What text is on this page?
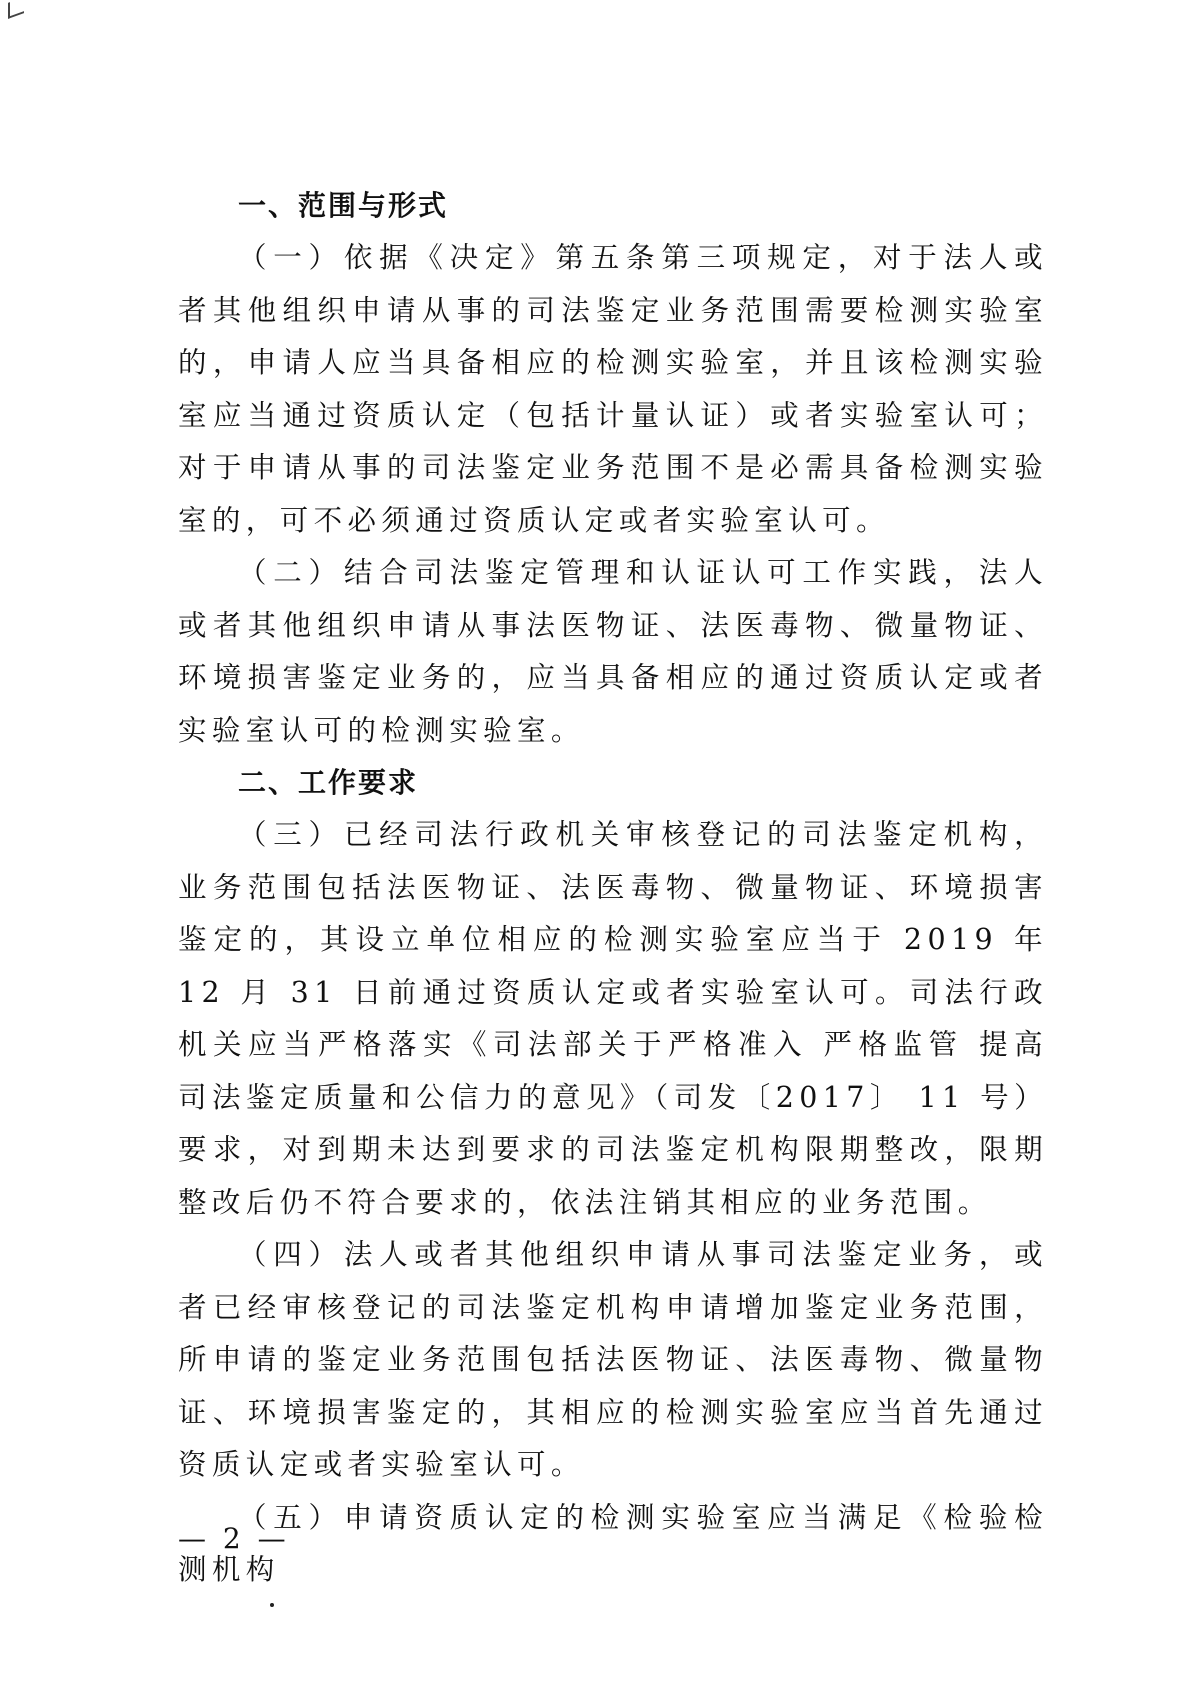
一、范围与形式

（一）依据《决定》第五条第三项规定，对于法人或者其他组织申请从事的司法鉴定业务范围需要检测实验室的，申请人应当具备相应的检测实验室，并且该检测实验室应当通过资质认定（包括计量认证）或者实验室认可；对于申请从事的司法鉴定业务范围不是必需具备检测实验室的，可不必须通过资质认定或者实验室认可。

（二）结合司法鉴定管理和认证认可工作实践，法人或者其他组织申请从事法医物证、法医毒物、微量物证、环境损害鉴定业务的，应当具备相应的通过资质认定或者实验室认可的检测实验室。

二、工作要求

（三）已经司法行政机关审核登记的司法鉴定机构，业务范围包括法医物证、法医毒物、微量物证、环境损害鉴定的，其设立单位相应的检测实验室应当于 2019 年 12 月 31 日前通过资质认定或者实验室认可。司法行政机关应当严格落实《司法部关于严格准入 严格监管 提高司法鉴定质量和公信力的意见》（司发〔2017〕 11 号）要求，对到期未达到要求的司法鉴定机构限期整改，限期整改后仍不符合要求的，依法注销其相应的业务范围。

（四）法人或者其他组织申请从事司法鉴定业务，或者已经审核登记的司法鉴定机构申请增加鉴定业务范围，所申请的鉴定业务范围包括法医物证、法医毒物、微量物证、环境损害鉴定的，其相应的检测实验室应当首先通过资质认定或者实验室认可。

（五）申请资质认定的检测实验室应当满足《检验检测机构

— 2 —
